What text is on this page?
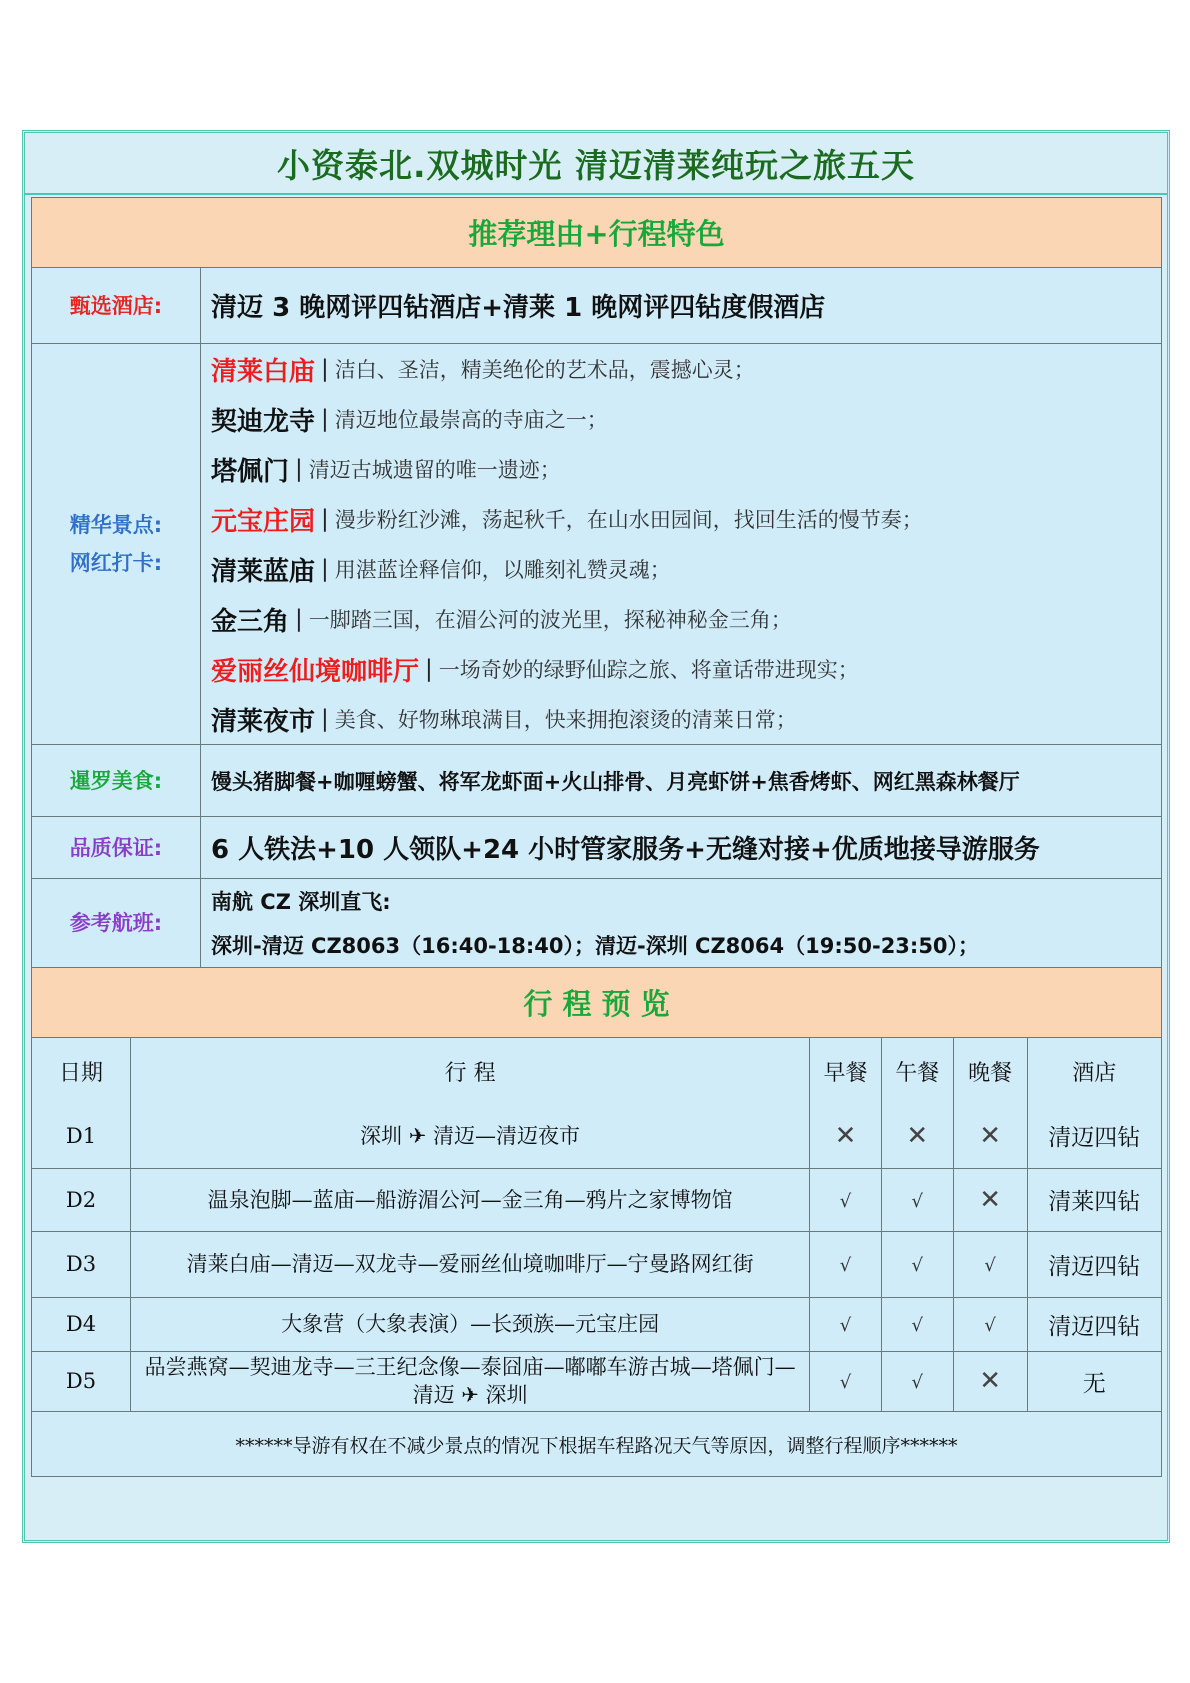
小资泰北.双城时光 清迈清莱纯玩之旅五天
推荐理由+行程特色
甄选酒店:	清迈 3 晚网评四钻酒店+清莱 1 晚网评四钻度假酒店

精华景点:
网红打卡:

清莱白庙 | 洁白、圣洁，精美绝伦的艺术品，震撼心灵；
契迪龙寺 | 清迈地位最崇高的寺庙之一；
塔佩门 | 清迈古城遗留的唯一遗迹；
元宝庄园 | 漫步粉红沙滩，荡起秋千，在山水田园间，找回生活的慢节奏；
清莱蓝庙 | 用湛蓝诠释信仰，以雕刻礼赞灵魂；
金三角 | 一脚踏三国，在湄公河的波光里，探秘神秘金三角；
爱丽丝仙境咖啡厅 | 一场奇妙的绿野仙踪之旅、将童话带进现实；
清莱夜市 | 美食、好物琳琅满目，快来拥抱滚烫的清莱日常；

暹罗美食:	馒头猪脚餐+咖喱螃蟹、将军龙虾面+火山排骨、月亮虾饼+焦香烤虾、网红黑森林餐厅
品质保证:	6 人铁法+10 人领队+24 小时管家服务+无缝对接+优质地接导游服务
参考航班:	
南航 CZ 深圳直飞:
深圳-清迈 CZ8063（16:40-18:40）；清迈-深圳 CZ8064（19:50-23:50）；

行 程 预 览

日期	行 程	早餐	午餐	晚餐	酒店
D1	深圳 ✈ 清迈—清迈夜市	✕	✕	✕	清迈四钻
D2	温泉泡脚—蓝庙—船游湄公河—金三角—鸦片之家博物馆	√	√	✕	清莱四钻
D3	清莱白庙—清迈—双龙寺—爱丽丝仙境咖啡厅—宁曼路网红街	√	√	√	清迈四钻
D4	大象营（大象表演）—长颈族—元宝庄园	√	√	√	清迈四钻
D5	品尝燕窝—契迪龙寺—三王纪念像—泰囧庙—嘟嘟车游古城—塔佩门—清迈 ✈ 深圳	√	√	✕	无

******导游有权在不减少景点的情况下根据车程路况天气等原因，调整行程顺序******
